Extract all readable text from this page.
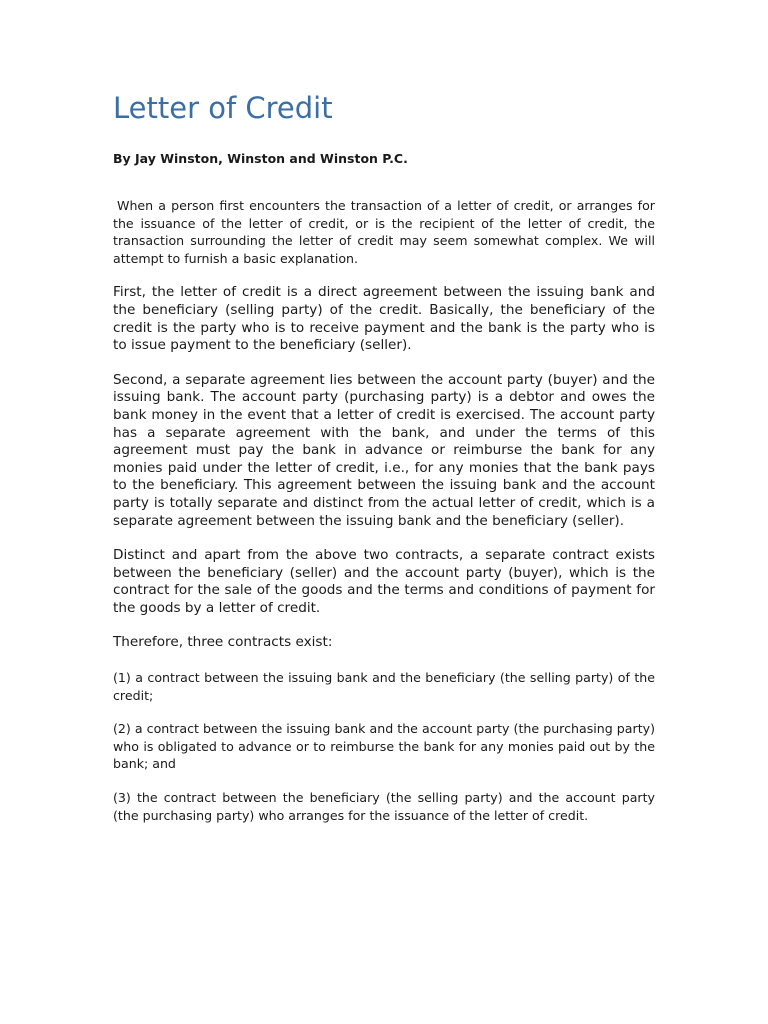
Letter of Credit
By Jay Winston, Winston and Winston P.C.

When a person first encounters the transaction of a letter of credit, or arranges for the issuance of the letter of credit, or is the recipient of the letter of credit, the transaction surrounding the letter of credit may seem somewhat complex. We will attempt to furnish a basic explanation.

First, the letter of credit is a direct agreement between the issuing bank and the beneficiary (selling party) of the credit. Basically, the beneficiary of the credit is the party who is to receive payment and the bank is the party who is to issue payment to the beneficiary (seller).

Second, a separate agreement lies between the account party (buyer) and the issuing bank. The account party (purchasing party) is a debtor and owes the bank money in the event that a letter of credit is exercised. The account party has a separate agreement with the bank, and under the terms of this agreement must pay the bank in advance or reimburse the bank for any monies paid under the letter of credit, i.e., for any monies that the bank pays to the beneficiary. This agreement between the issuing bank and the account party is totally separate and distinct from the actual letter of credit, which is a separate agreement between the issuing bank and the beneficiary (seller).

Distinct and apart from the above two contracts, a separate contract exists between the beneficiary (seller) and the account party (buyer), which is the contract for the sale of the goods and the terms and conditions of payment for the goods by a letter of credit.

Therefore, three contracts exist:

(1) a contract between the issuing bank and the beneficiary (the selling party) of the credit;

(2) a contract between the issuing bank and the account party (the purchasing party) who is obligated to advance or to reimburse the bank for any monies paid out by the bank; and

(3) the contract between the beneficiary (the selling party) and the account party (the purchasing party) who arranges for the issuance of the letter of credit.
